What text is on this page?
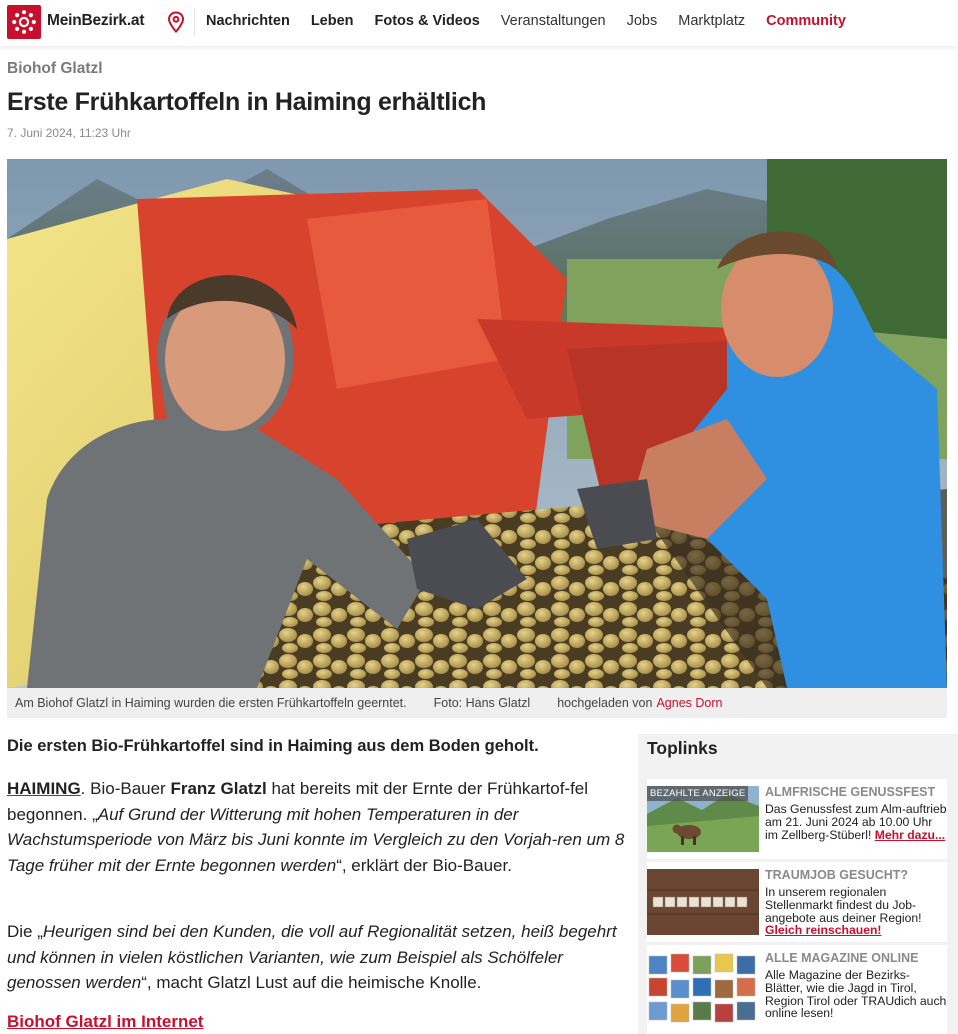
MeinBezirk.at	Nachrichten Leben Fotos & Videos Veranstaltungen Jobs Marktplatz Community
Biohof Glatzl
Erste Frühkartoffeln in Haiming erhältlich
7. Juni 2024, 11:23 Uhr
Am Biohof Glatzl in Haiming wurden die ersten Frühkartoffeln geerntet. Foto: Hans Glatzl hochgeladen von Agnes Dorn

Die ersten Bio-Frühkartoffel sind in Haiming aus dem Boden geholt.

HAIMING. Bio-Bauer Franz Glatzl hat bereits mit der Ernte der Frühkartof-fel begonnen. „Auf Grund der Witterung mit hohen Temperaturen in der Wachstumsperiode von März bis Juni konnte im Vergleich zu den Vorjah-ren um 8 Tage früher mit der Ernte begonnen werden“, erklärt der Bio-Bauer.

Die „Heurigen sind bei den Kunden, die voll auf Regionalität setzen, heiß begehrt und können in vielen köstlichen Varianten, wie zum Beispiel als Schölfeler genossen werden“, macht Glatzl Lust auf die heimische Knolle.

Biohof Glatzl im Internet
Toplinks
BEZAHLTE ANZEIGE ALMFRISCHE GENUSSFEST
Das Genussfest zum Alm-auftrieb am 21. Juni 2024 ab 10.00 Uhr im Zellberg-Stüberl! Mehr dazu...
TRAUMJOB GESUCHT?
In unserem regionalen Stellenmarkt findest du Job-angebote aus deiner Region! Gleich reinschauen!
ALLE MAGAZINE ONLINE
Alle Magazine der Bezirks-Blätter, wie die Jagd in Tirol, Region Tirol oder TRAUdich auch online lesen!
